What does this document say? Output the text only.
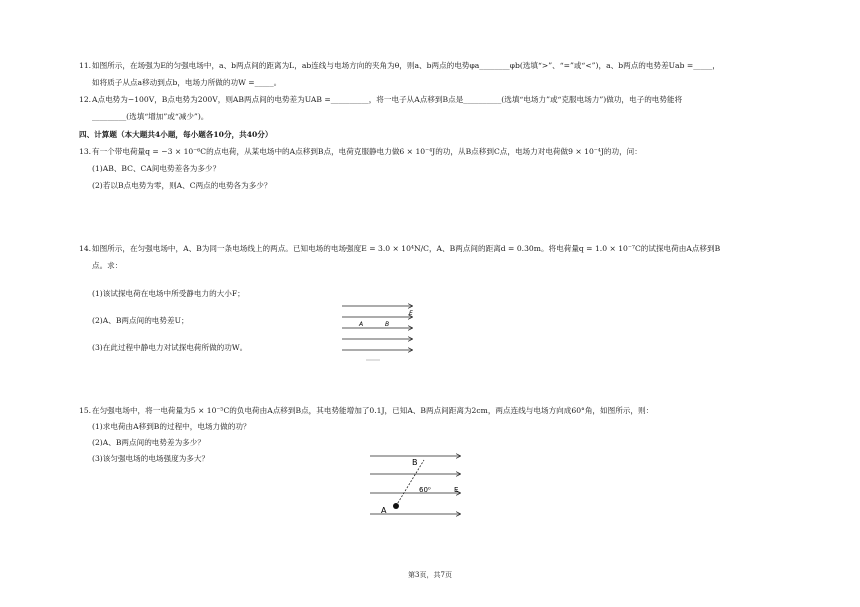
11. 如图所示，在场强为E的匀强电场中，a、b两点间的距离为L，ab连线与电场方向的夹角为θ，则a、b两点的电势φa________φb(选填“>”、“=”或“<”)，a、b两点的电势差Uab =_____，
如将质子从点a移动到点b，电场力所做的功W =_____。
12. A点电势为−100V，B点电势为200V，则AB两点间的电势差为UAB =__________，将一电子从A点移到B点是__________(选填“电场力”或“克服电场力”)做功，电子的电势能将
_________(选填“增加”或“减少”)。
四、计算题（本大题共4小题，每小题各10分，共40分）
13. 有一个带电荷量q = −3 × 10⁻⁶C的点电荷，从某电场中的A点移到B点，电荷克服静电力做6 × 10⁻⁴J的功，从B点移到C点，电场力对电荷做9 × 10⁻⁴J的功，问：
(1)AB、BC、CA间电势差各为多少？
(2)若以B点电势为零，则A、C两点的电势各为多少？
14. 如图所示，在匀强电场中，A、B为同一条电场线上的两点。已知电场的电场强度E = 3.0 × 10⁴N/C，A、B两点间的距离d = 0.30m。将电荷量q = 1.0 × 10⁻⁷C的试探电荷由A点移到B
点。求：
(1)该试探电荷在电场中所受静电力的大小F；
(2)A、B两点间的电势差U；
(3)在此过程中静电力对试探电荷所做的功W。
A	B
E
15. 在匀强电场中，将一电荷量为5 × 10⁻⁵C的负电荷由A点移到B点，其电势能增加了0.1J，已知A、B两点间距离为2cm，两点连线与电场方向成60°角，如图所示，则：
(1)求电荷由A移到B的过程中，电场力做的功？
(2)A、B两点间的电势差为多少？
(3)该匀强电场的电场强度为多大？	B
A
E
60⁰
第3页，共7页
